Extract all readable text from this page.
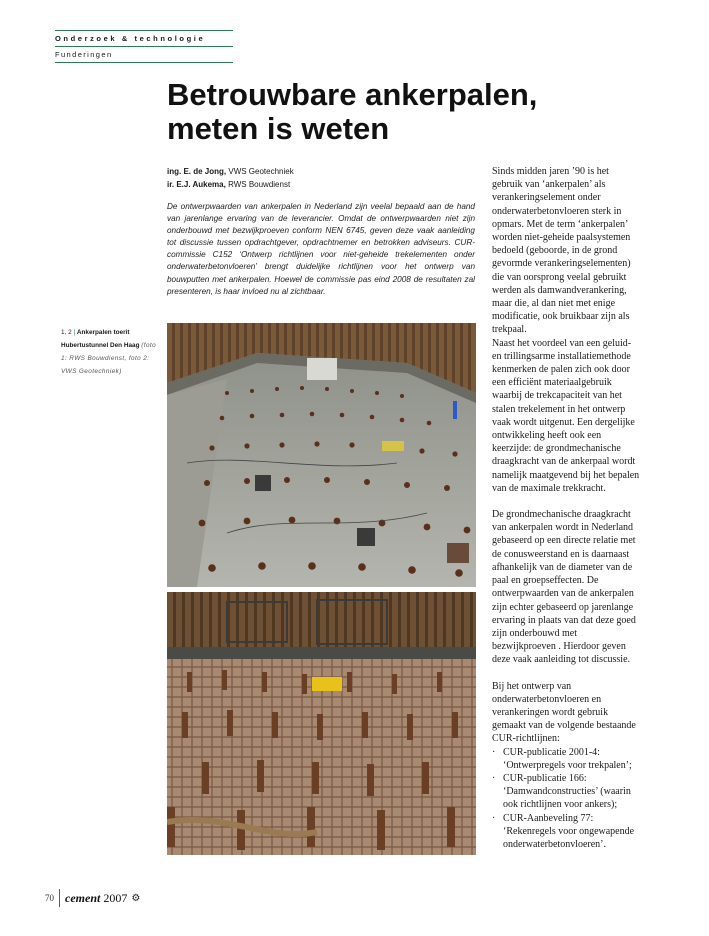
Onderzoek & technologie
Funderingen
Betrouwbare ankerpalen, meten is weten
ing. E. de Jong, VWS Geotechniek
ir. E.J. Aukema, RWS Bouwdienst

De ontwerpwaarden van ankerpalen in Nederland zijn veelal bepaald aan de hand van jarenlange ervaring van de leverancier. Omdat de ontwerpwaarden niet zijn onderbouwd met bezwijkproeven conform NEN 6745, geven deze vaak aanleiding tot discussie tussen opdrachtgever, opdrachtnemer en betrokken adviseurs. CUR-commissie C152 ‘Ontwerp richtlijnen voor niet-geheide trekelementen onder onderwaterbetonvloeren’ brengt duidelijke richtlijnen voor het ontwerp van bouwputten met ankerpalen. Hoewel de commissie pas eind 2008 de resultaten zal presenteren, is haar invloed nu al zichtbaar.

1, 2 | Ankerpalen toerit Hubertustunnel Den Haag (foto 1: RWS Bouwdienst, foto 2: VWS Geotechniek)

Sinds midden jaren ’90 is het gebruik van ‘ankerpalen’ als verankeringselement onder onderwaterbetonvloeren sterk in opmars. Met de term ‘ankerpalen’ worden niet-geheide paalsystemen bedoeld (geboorde, in de grond gevormde verankeringselementen) die van oorsprong veelal gebruikt werden als damwandverankering, maar die, al dan niet met enige modificatie, ook bruikbaar zijn als trekpaal.
Naast het voordeel van een geluid- en trillingsarme installatiemethode kenmerken de palen zich ook door een efficiënt materiaalgebruik waarbij de trekcapaciteit van het stalen trekelement in het ontwerp vaak wordt uitgenut. Een dergelijke ontwikkeling heeft ook een keerzijde: de grondmechanische draagkracht van de ankerpaal wordt namelijk maatgevend bij het bepalen van de maximale trekkracht.

De grondmechanische draagkracht van ankerpalen wordt in Nederland gebaseerd op een directe relatie met de conusweerstand en is daarnaast afhankelijk van de diameter van de paal en groepseffecten. De ontwerpwaarden van de ankerpalen zijn echter gebaseerd op jarenlange ervaring in plaats van dat deze goed zijn onderbouwd met bezwijkproeven . Hierdoor geven deze vaak aanleiding tot discussie.

Bij het ontwerp van onderwaterbetonvloeren en verankeringen wordt gebruik gemaakt van de volgende bestaande CUR-richtlijnen:

· CUR-publicatie 2001-4: ‘Ontwerpregels voor trekpalen’;
· CUR-publicatie 166: ‘Damwandconstructies’ (waarin ook richtlijnen voor ankers);
· CUR-Aanbeveling 77: ‘Rekenregels voor ongewapende onderwaterbetonvloeren’.
70 cement 2007 ⚙
